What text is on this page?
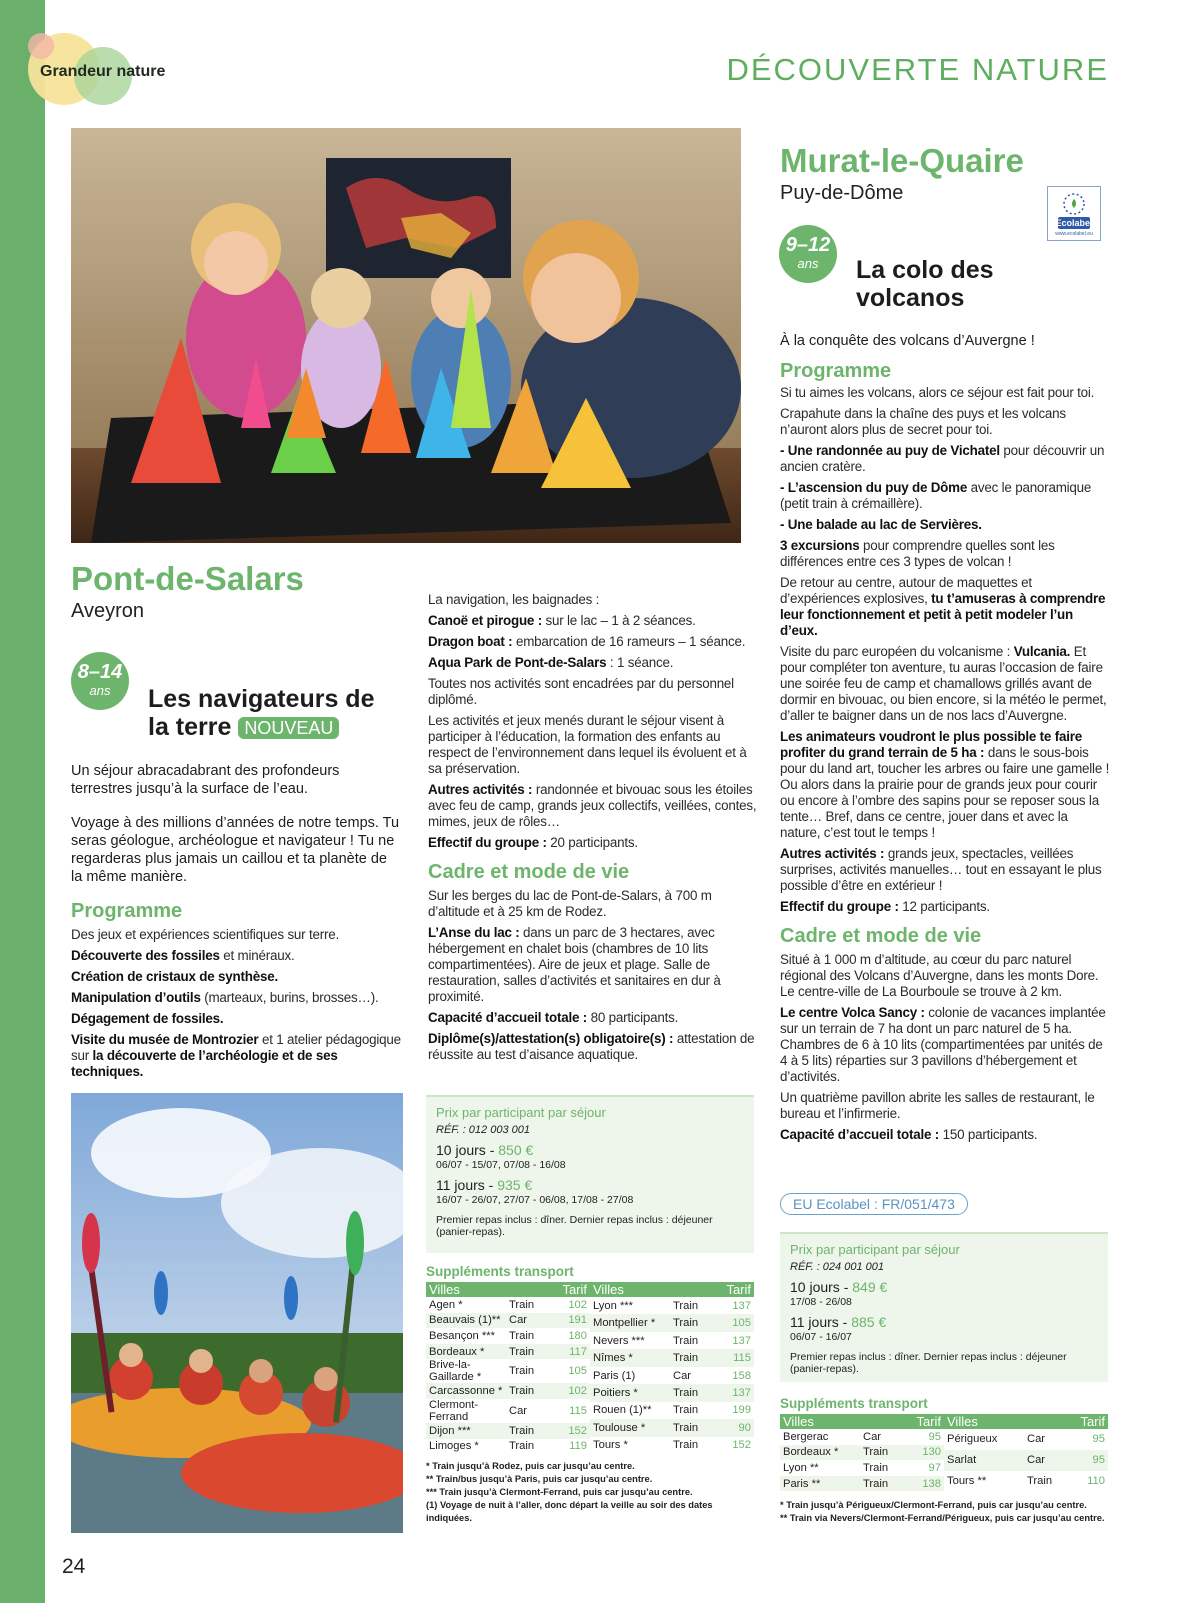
Grandeur nature	DÉCOUVERTE NATURE
Pont-de-Salars
Aveyron
8–14
ans	Les navigateurs de
la terre NOUVEAU

Un séjour abracadabrant des profondeurs terrestres jusqu’à la surface de l’eau.

Voyage à des millions d’années de notre temps. Tu seras géologue, archéologue et navigateur ! Tu ne regarderas plus jamais un caillou et ta planète de la même manière.

Programme

Des jeux et expériences scientifiques sur terre.

Découverte des fossiles et minéraux.

Création de cristaux de synthèse.

Manipulation d’outils (marteaux, burins, brosses…).

Dégagement de fossiles.

Visite du musée de Montrozier et 1 atelier pédagogique sur la découverte de l’archéologie et de ses techniques.

La navigation, les baignades :

Canoë et pirogue : sur le lac – 1 à 2 séances.

Dragon boat : embarcation de 16 rameurs – 1 séance.

Aqua Park de Pont-de-Salars : 1 séance.

Toutes nos activités sont encadrées par du personnel diplômé.

Les activités et jeux menés durant le séjour visent à participer à l’éducation, la formation des enfants au respect de l’environnement dans lequel ils évoluent et à sa préservation.

Autres activités : randonnée et bivouac sous les étoiles avec feu de camp, grands jeux collectifs, veillées, contes, mimes, jeux de rôles…

Effectif du groupe : 20 participants.

Cadre et mode de vie

Sur les berges du lac de Pont-de-Salars, à 700 m d’altitude et à 25 km de Rodez.

L’Anse du lac : dans un parc de 3 hectares, avec hébergement en chalet bois (chambres de 10 lits compartimentées). Aire de jeux et plage. Salle de restauration, salles d’activités et sanitaires en dur à proximité.

Capacité d’accueil totale : 80 participants.

Diplôme(s)/attestation(s) obligatoire(s) : attestation de réussite au test d’aisance aquatique.

Prix par participant par séjour
RÉF. : 012 003 001
10 jours - 850 €
06/07 - 15/07, 07/08 - 16/08
11 jours - 935 €
16/07 - 26/07, 27/07 - 06/08, 17/08 - 27/08
Premier repas inclus : dîner. Dernier repas inclus : déjeuner (panier-repas).
Suppléments transport
Villes		Tarif
Agen *	Train	102
Beauvais (1)**	Car	191
Besançon ***	Train	180
Bordeaux *	Train	117
Brive-la-Gaillarde *	Train	105
Carcassonne *	Train	102
Clermont-Ferrand	Car	115
Dijon ***	Train	152
Limoges *	Train	119
Villes		Tarif
Lyon ***	Train	137
Montpellier *	Train	105
Nevers ***	Train	137
Nîmes *	Train	115
Paris (1)	Car	158
Poitiers *	Train	137
Rouen (1)**	Train	199
Toulouse *	Train	90
Tours *	Train	152
* Train jusqu’à Rodez, puis car jusqu’au centre.
** Train/bus jusqu’à Paris, puis car jusqu’au centre.
*** Train jusqu’à Clermont-Ferrand, puis car jusqu’au centre.
(1) Voyage de nuit à l’aller, donc départ la veille au soir des dates indiquées.
Murat-le-Quaire
Puy-de-Dôme
Ecolabel
www.ecolabel.eu
9–12
ans	La colo des
volcanos

À la conquête des volcans d’Auvergne !

Programme

Si tu aimes les volcans, alors ce séjour est fait pour toi.

Crapahute dans la chaîne des puys et les volcans n’auront alors plus de secret pour toi.

- Une randonnée au puy de Vichatel pour découvrir un ancien cratère.

- L’ascension du puy de Dôme avec le panoramique (petit train à crémaillère).

- Une balade au lac de Servières.

3 excursions pour comprendre quelles sont les différences entre ces 3 types de volcan !

De retour au centre, autour de maquettes et d’expériences explosives, tu t’amuseras à comprendre leur fonctionnement et petit à petit modeler l’un d’eux.

Visite du parc européen du volcanisme : Vulcania. Et pour compléter ton aventure, tu auras l’occasion de faire une soirée feu de camp et chamallows grillés avant de dormir en bivouac, ou bien encore, si la météo le permet, d’aller te baigner dans un de nos lacs d’Auvergne.

Les animateurs voudront le plus possible te faire profiter du grand terrain de 5 ha : dans le sous-bois pour du land art, toucher les arbres ou faire une gamelle ! Ou alors dans la prairie pour de grands jeux pour courir ou encore à l’ombre des sapins pour se reposer sous la tente… Bref, dans ce centre, jouer dans et avec la nature, c’est tout le temps !

Autres activités : grands jeux, spectacles, veillées surprises, activités manuelles… tout en essayant le plus possible d’être en extérieur !

Effectif du groupe : 12 participants.

Cadre et mode de vie

Situé à 1 000 m d’altitude, au cœur du parc naturel régional des Volcans d’Auvergne, dans les monts Dore. Le centre-ville de La Bourboule se trouve à 2 km.

Le centre Volca Sancy : colonie de vacances implantée sur un terrain de 7 ha dont un parc naturel de 5 ha. Chambres de 6 à 10 lits (compartimentées par unités de 4 à 5 lits) réparties sur 3 pavillons d’hébergement et d’activités.

Un quatrième pavillon abrite les salles de restaurant, le bureau et l’infirmerie.

Capacité d’accueil totale : 150 participants.

EU Ecolabel : FR/051/473
Prix par participant par séjour
RÉF. : 024 001 001
10 jours - 849 €
17/08 - 26/08
11 jours - 885 €
06/07 - 16/07
Premier repas inclus : dîner. Dernier repas inclus : déjeuner (panier-repas).
Suppléments transport
Villes		Tarif
Bergerac	Car	95
Bordeaux *	Train	130
Lyon **	Train	97
Paris **	Train	138
Villes		Tarif
Périgueux	Car	95
Sarlat	Car	95
Tours **	Train	110
* Train jusqu’à Périgueux/Clermont-Ferrand, puis car jusqu’au centre.
** Train via Nevers/Clermont-Ferrand/Périgueux, puis car jusqu’au centre.
24
